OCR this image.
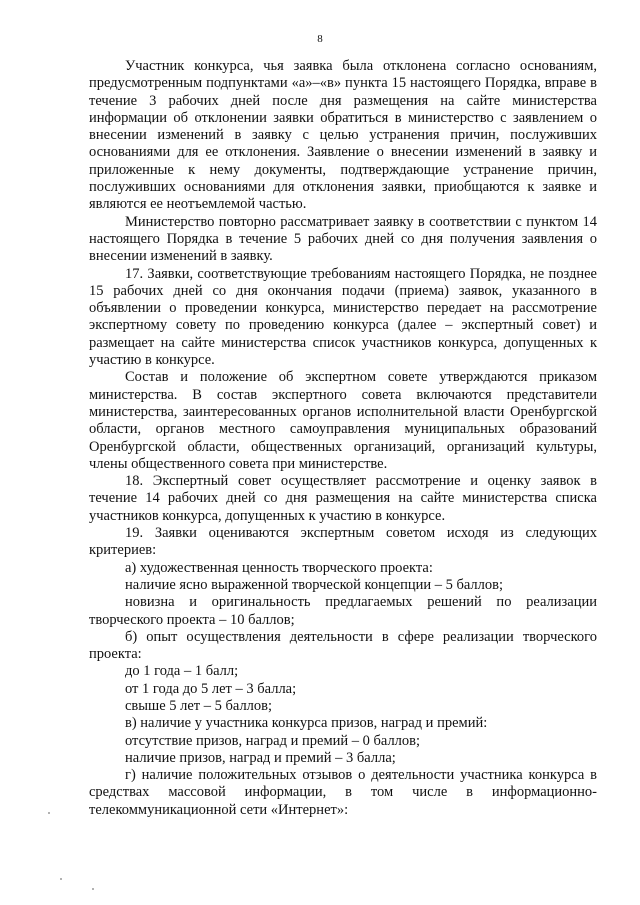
8

Участник конкурса, чья заявка была отклонена согласно основаниям, предусмотренным подпунктами «а»–«в» пункта 15 настоящего Порядка, вправе в течение 3 рабочих дней после дня размещения на сайте министерства информации об отклонении заявки обратиться в министерство с заявлением о внесении изменений в заявку с целью устранения причин, послуживших основаниями для ее отклонения. Заявление о внесении изменений в заявку и приложенные к нему документы, подтверждающие устранение причин, послуживших основаниями для отклонения заявки, приобщаются к заявке и являются ее неотъемлемой частью.

Министерство повторно рассматривает заявку в соответствии с пунктом 14 настоящего Порядка в течение 5 рабочих дней со дня получения заявления о внесении изменений в заявку.

17. Заявки, соответствующие требованиям настоящего Порядка, не позднее 15 рабочих дней со дня окончания подачи (приема) заявок, указанного в объявлении о проведении конкурса, министерство передает на рассмотрение экспертному совету по проведению конкурса (далее – экспертный совет) и размещает на сайте министерства список участников конкурса, допущенных к участию в конкурсе.

Состав и положение об экспертном совете утверждаются приказом министерства. В состав экспертного совета включаются представители министерства, заинтересованных органов исполнительной власти Оренбургской области, органов местного самоуправления муниципальных образований Оренбургской области, общественных организаций, организаций культуры, члены общественного совета при министерстве.

18. Экспертный совет осуществляет рассмотрение и оценку заявок в течение 14 рабочих дней со дня размещения на сайте министерства списка участников конкурса, допущенных к участию в конкурсе.

19. Заявки оцениваются экспертным советом исходя из следующих критериев:

а) художественная ценность творческого проекта:

наличие ясно выраженной творческой концепции – 5 баллов;

новизна и оригинальность предлагаемых решений по реализации творческого проекта – 10 баллов;

б) опыт осуществления деятельности в сфере реализации творческого проекта:

до 1 года – 1 балл;

от 1 года до 5 лет – 3 балла;

свыше 5 лет – 5 баллов;

в) наличие у участника конкурса призов, наград и премий:

отсутствие призов, наград и премий – 0 баллов;

наличие призов, наград и премий – 3 балла;

г) наличие положительных отзывов о деятельности участника конкурса в средствах массовой информации, в том числе в информационно-телекоммуникационной сети «Интернет»:
